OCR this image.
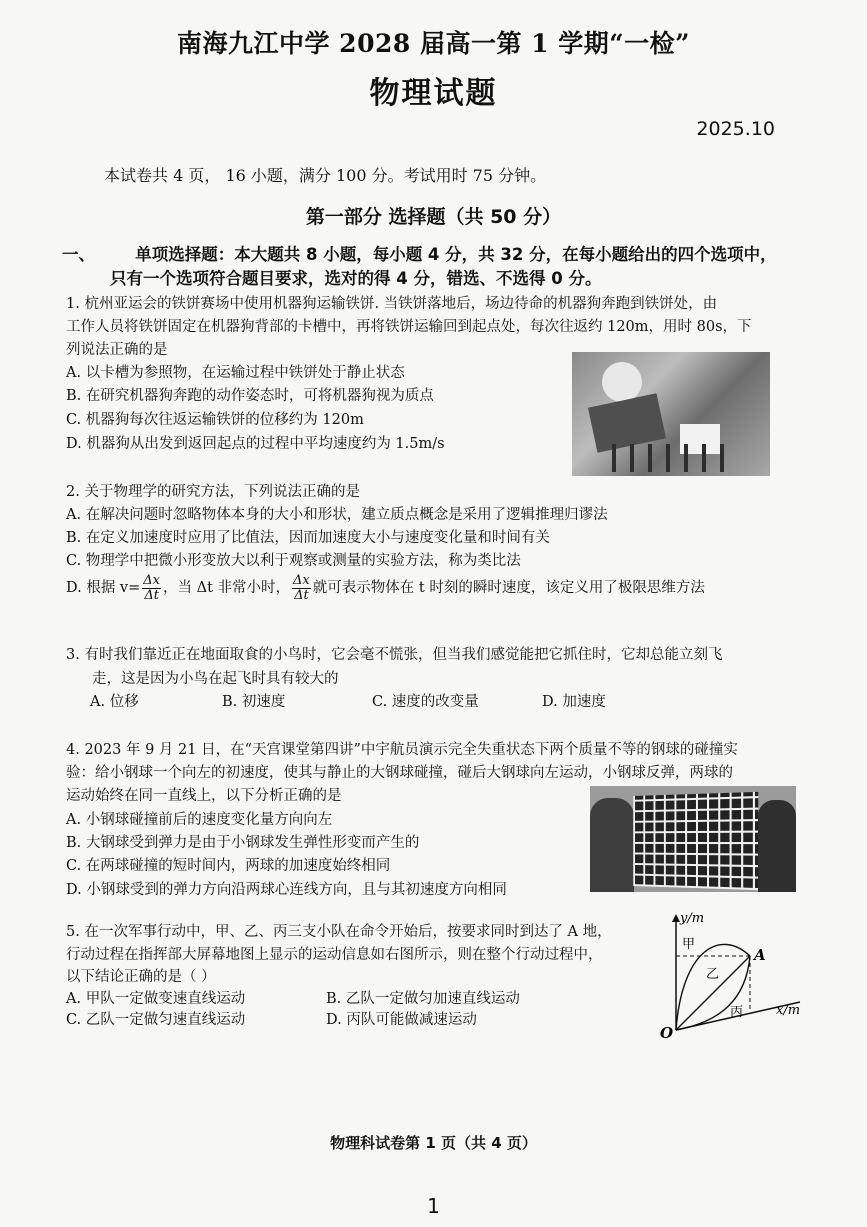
南海九江中学 2028 届高一第 1 学期“一检”
物理试题
2025.10
本试卷共 4 页， 16 小题，满分 100 分。考试用时 75 分钟。
第一部分 选择题（共 50 分）
一、 单项选择题：本大题共 8 小题，每小题 4 分，共 32 分，在每小题给出的四个选项中，
只有一个选项符合题目要求，选对的得 4 分，错选、不选得 0 分。
1. 杭州亚运会的铁饼赛场中使用机器狗运输铁饼. 当铁饼落地后，场边待命的机器狗奔跑到铁饼处，由
工作人员将铁饼固定在机器狗背部的卡槽中，再将铁饼运输回到起点处，每次往返约 120m，用时 80s，下
列说法正确的是
A. 以卡槽为参照物，在运输过程中铁饼处于静止状态
B. 在研究机器狗奔跑的动作姿态时，可将机器狗视为质点
C. 机器狗每次往返运输铁饼的位移约为 120m
D. 机器狗从出发到返回起点的过程中平均速度约为 1.5m/s
2. 关于物理学的研究方法，下列说法正确的是
A. 在解决问题时忽略物体本身的大小和形状，建立质点概念是采用了逻辑推理归谬法
B. 在定义加速度时应用了比值法，因而加速度大小与速度变化量和时间有关
C. 物理学中把微小形变放大以利于观察或测量的实验方法，称为类比法
D. 根据 $v= \frac{\Delta x}{\Delta t}$ ，当 Δt 非常小时， $\frac{\Delta x}{\Delta t}$ 就可表示物体在 t 时刻的瞬时速度，该定义用了极限思维方法
3. 有时我们靠近正在地面取食的小鸟时，它会毫不慌张，但当我们感觉能把它抓住时，它却总能立刻飞
走，这是因为小鸟在起飞时具有较大的
A. 位移	B. 初速度	C. 速度的改变量	D. 加速度
4. 2023 年 9 月 21 日，在“天宫课堂第四讲”中宇航员演示完全失重状态下两个质量不等的钢球的碰撞实
验：给小钢球一个向左的初速度，使其与静止的大钢球碰撞，碰后大钢球向左运动，小钢球反弹，两球的
运动始终在同一直线上，以下分析正确的是
A. 小钢球碰撞前后的速度变化量方向向左
B. 大钢球受到弹力是由于小钢球发生弹性形变而产生的
C. 在两球碰撞的短时间内，两球的加速度始终相同
D. 小钢球受到的弹力方向沿两球心连线方向，且与其初速度方向相同
5. 在一次军事行动中，甲、乙、丙三支小队在命令开始后，按要求同时到达了 A 地，
行动过程在指挥部大屏幕地图上显示的运动信息如右图所示，则在整个行动过程中，
以下结论正确的是（ ）
A. 甲队一定做变速直线运动	B. 乙队一定做匀加速直线运动
C. 乙队一定做匀速直线运动	D. 丙队可能做减速运动
y/m
x/m
O
A
甲
乙
丙
物理科试卷第 1 页（共 4 页）
1
